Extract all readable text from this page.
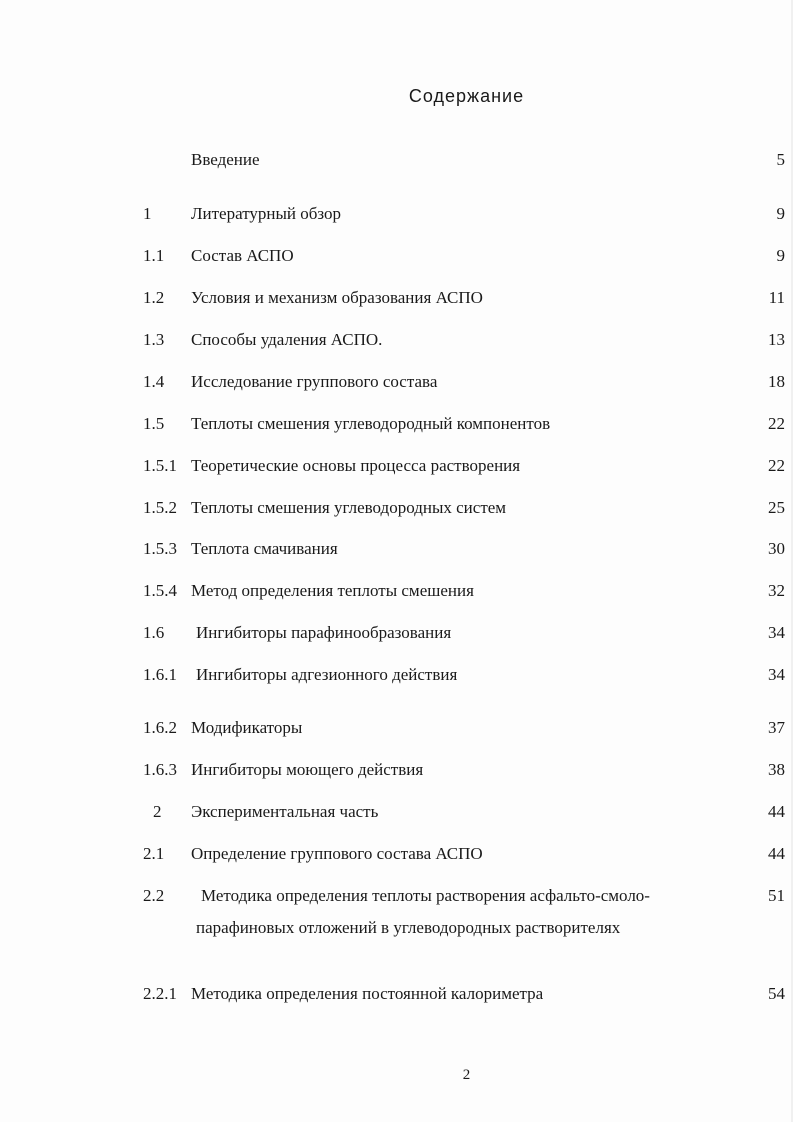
Содержание
Введение	5
1 Литературный обзор	9
1.1 Состав АСПО	9
1.2 Условия и механизм образования АСПО	11
1.3 Способы удаления АСПО.	13
1.4 Исследование группового состава	18
1.5 Теплоты смешения углеводородный компонентов	22
1.5.1 Теоретические основы процесса растворения	22
1.5.2 Теплоты смешения углеводородных систем	25
1.5.3 Теплота смачивания	30
1.5.4 Метод определения теплоты смешения	32
1.6 Ингибиторы парафинообразования	34
1.6.1 Ингибиторы адгезионного действия	34
1.6.2 Модификаторы	37
1.6.3 Ингибиторы моющего действия	38
2 Экспериментальная часть	44
2.1 Определение группового состава АСПО	44
2.2 Методика определения теплоты растворения асфальто-смоло-	51
парафиновых отложений в углеводородных растворителях
2.2.1 Методика определения постоянной калориметра	54
2
